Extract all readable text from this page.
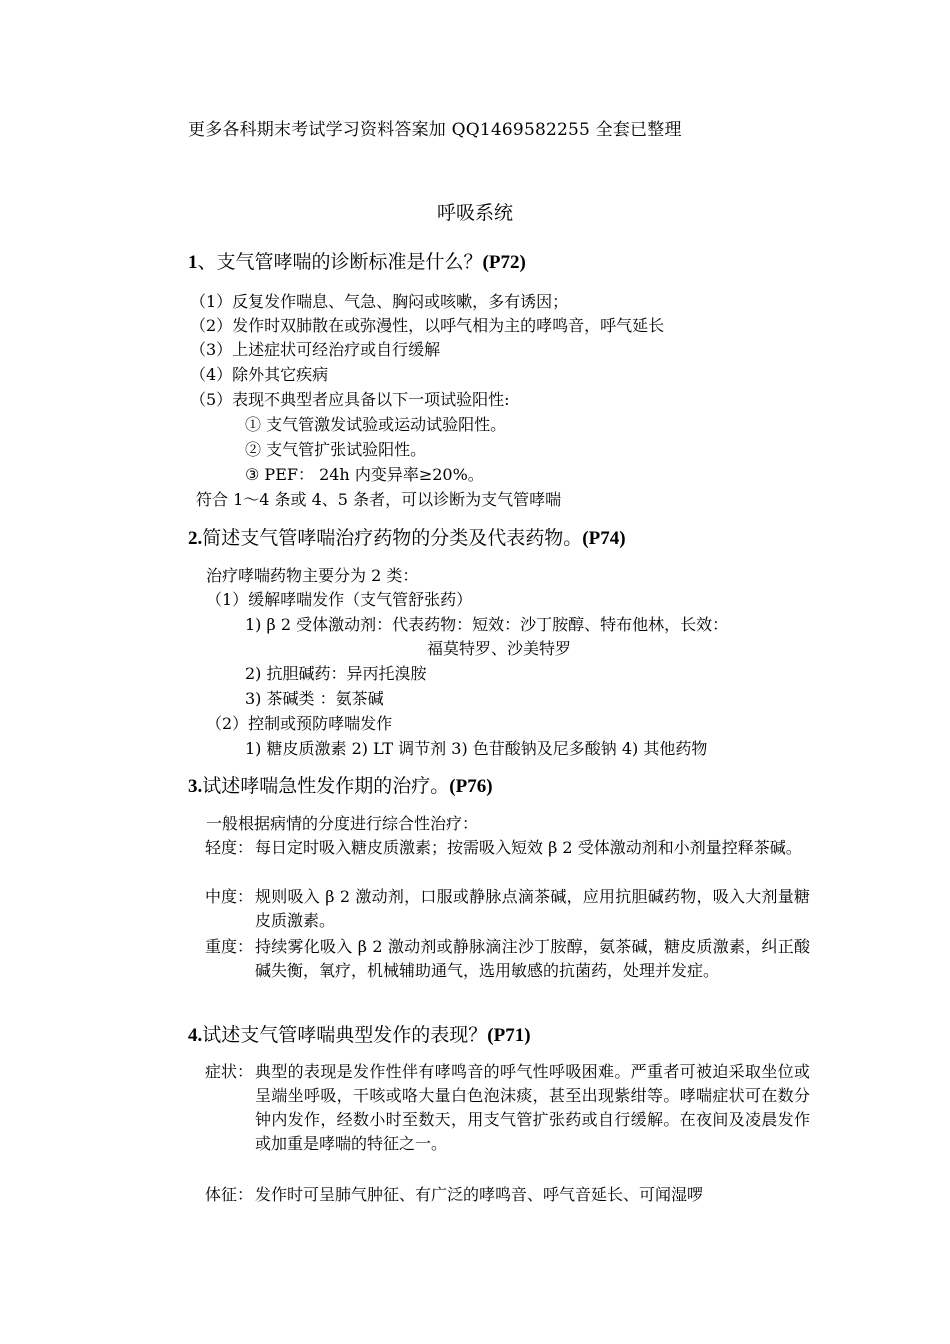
更多各科期末考试学习资料答案加 QQ1469582255 全套已整理
呼吸系统
1、支气管哮喘的诊断标准是什么？(P72)
（1）反复发作喘息、气急、胸闷或咳嗽，多有诱因；
（2）发作时双肺散在或弥漫性，以呼气相为主的哮鸣音，呼气延长
（3）上述症状可经治疗或自行缓解
（4）除外其它疾病
（5）表现不典型者应具备以下一项试验阳性:
① 支气管激发试验或运动试验阳性。
② 支气管扩张试验阳性。
③ PEF： 24h 内变异率≥20%。
符合 1～4 条或 4、5 条者，可以诊断为支气管哮喘
2.简述支气管哮喘治疗药物的分类及代表药物。(P74)
治疗哮喘药物主要分为 2 类：
（1）缓解哮喘发作（支气管舒张药）
1) β 2 受体激动剂：代表药物：短效：沙丁胺醇、特布他林，长效：
福莫特罗、沙美特罗
2) 抗胆碱药：异丙托溴胺
3) 茶碱类 ：氨茶碱
（2）控制或预防哮喘发作
1) 糖皮质激素 2) LT 调节剂 3) 色苷酸钠及尼多酸钠 4) 其他药物
3.试述哮喘急性发作期的治疗。(P76)
一般根据病情的分度进行综合性治疗：
轻度： 每日定时吸入糖皮质激素；按需吸入短效 β 2 受体激动剂和小剂量控释茶碱。
中度： 规则吸入 β 2 激动剂，口服或静脉点滴茶碱，应用抗胆碱药物，吸入大剂量糖皮质激素。
重度： 持续雾化吸入 β 2 激动剂或静脉滴注沙丁胺醇，氨茶碱，糖皮质激素，纠正酸碱失衡，氧疗，机械辅助通气，选用敏感的抗菌药，处理并发症。
4.试述支气管哮喘典型发作的表现？(P71)
症状： 典型的表现是发作性伴有哮鸣音的呼气性呼吸困难。严重者可被迫采取坐位或呈端坐呼吸，干咳或咯大量白色泡沫痰，甚至出现紫绀等。哮喘症状可在数分钟内发作，经数小时至数天，用支气管扩张药或自行缓解。在夜间及凌晨发作或加重是哮喘的特征之一。
体征： 发作时可呈肺气肿征、有广泛的哮鸣音、呼气音延长、可闻湿啰
